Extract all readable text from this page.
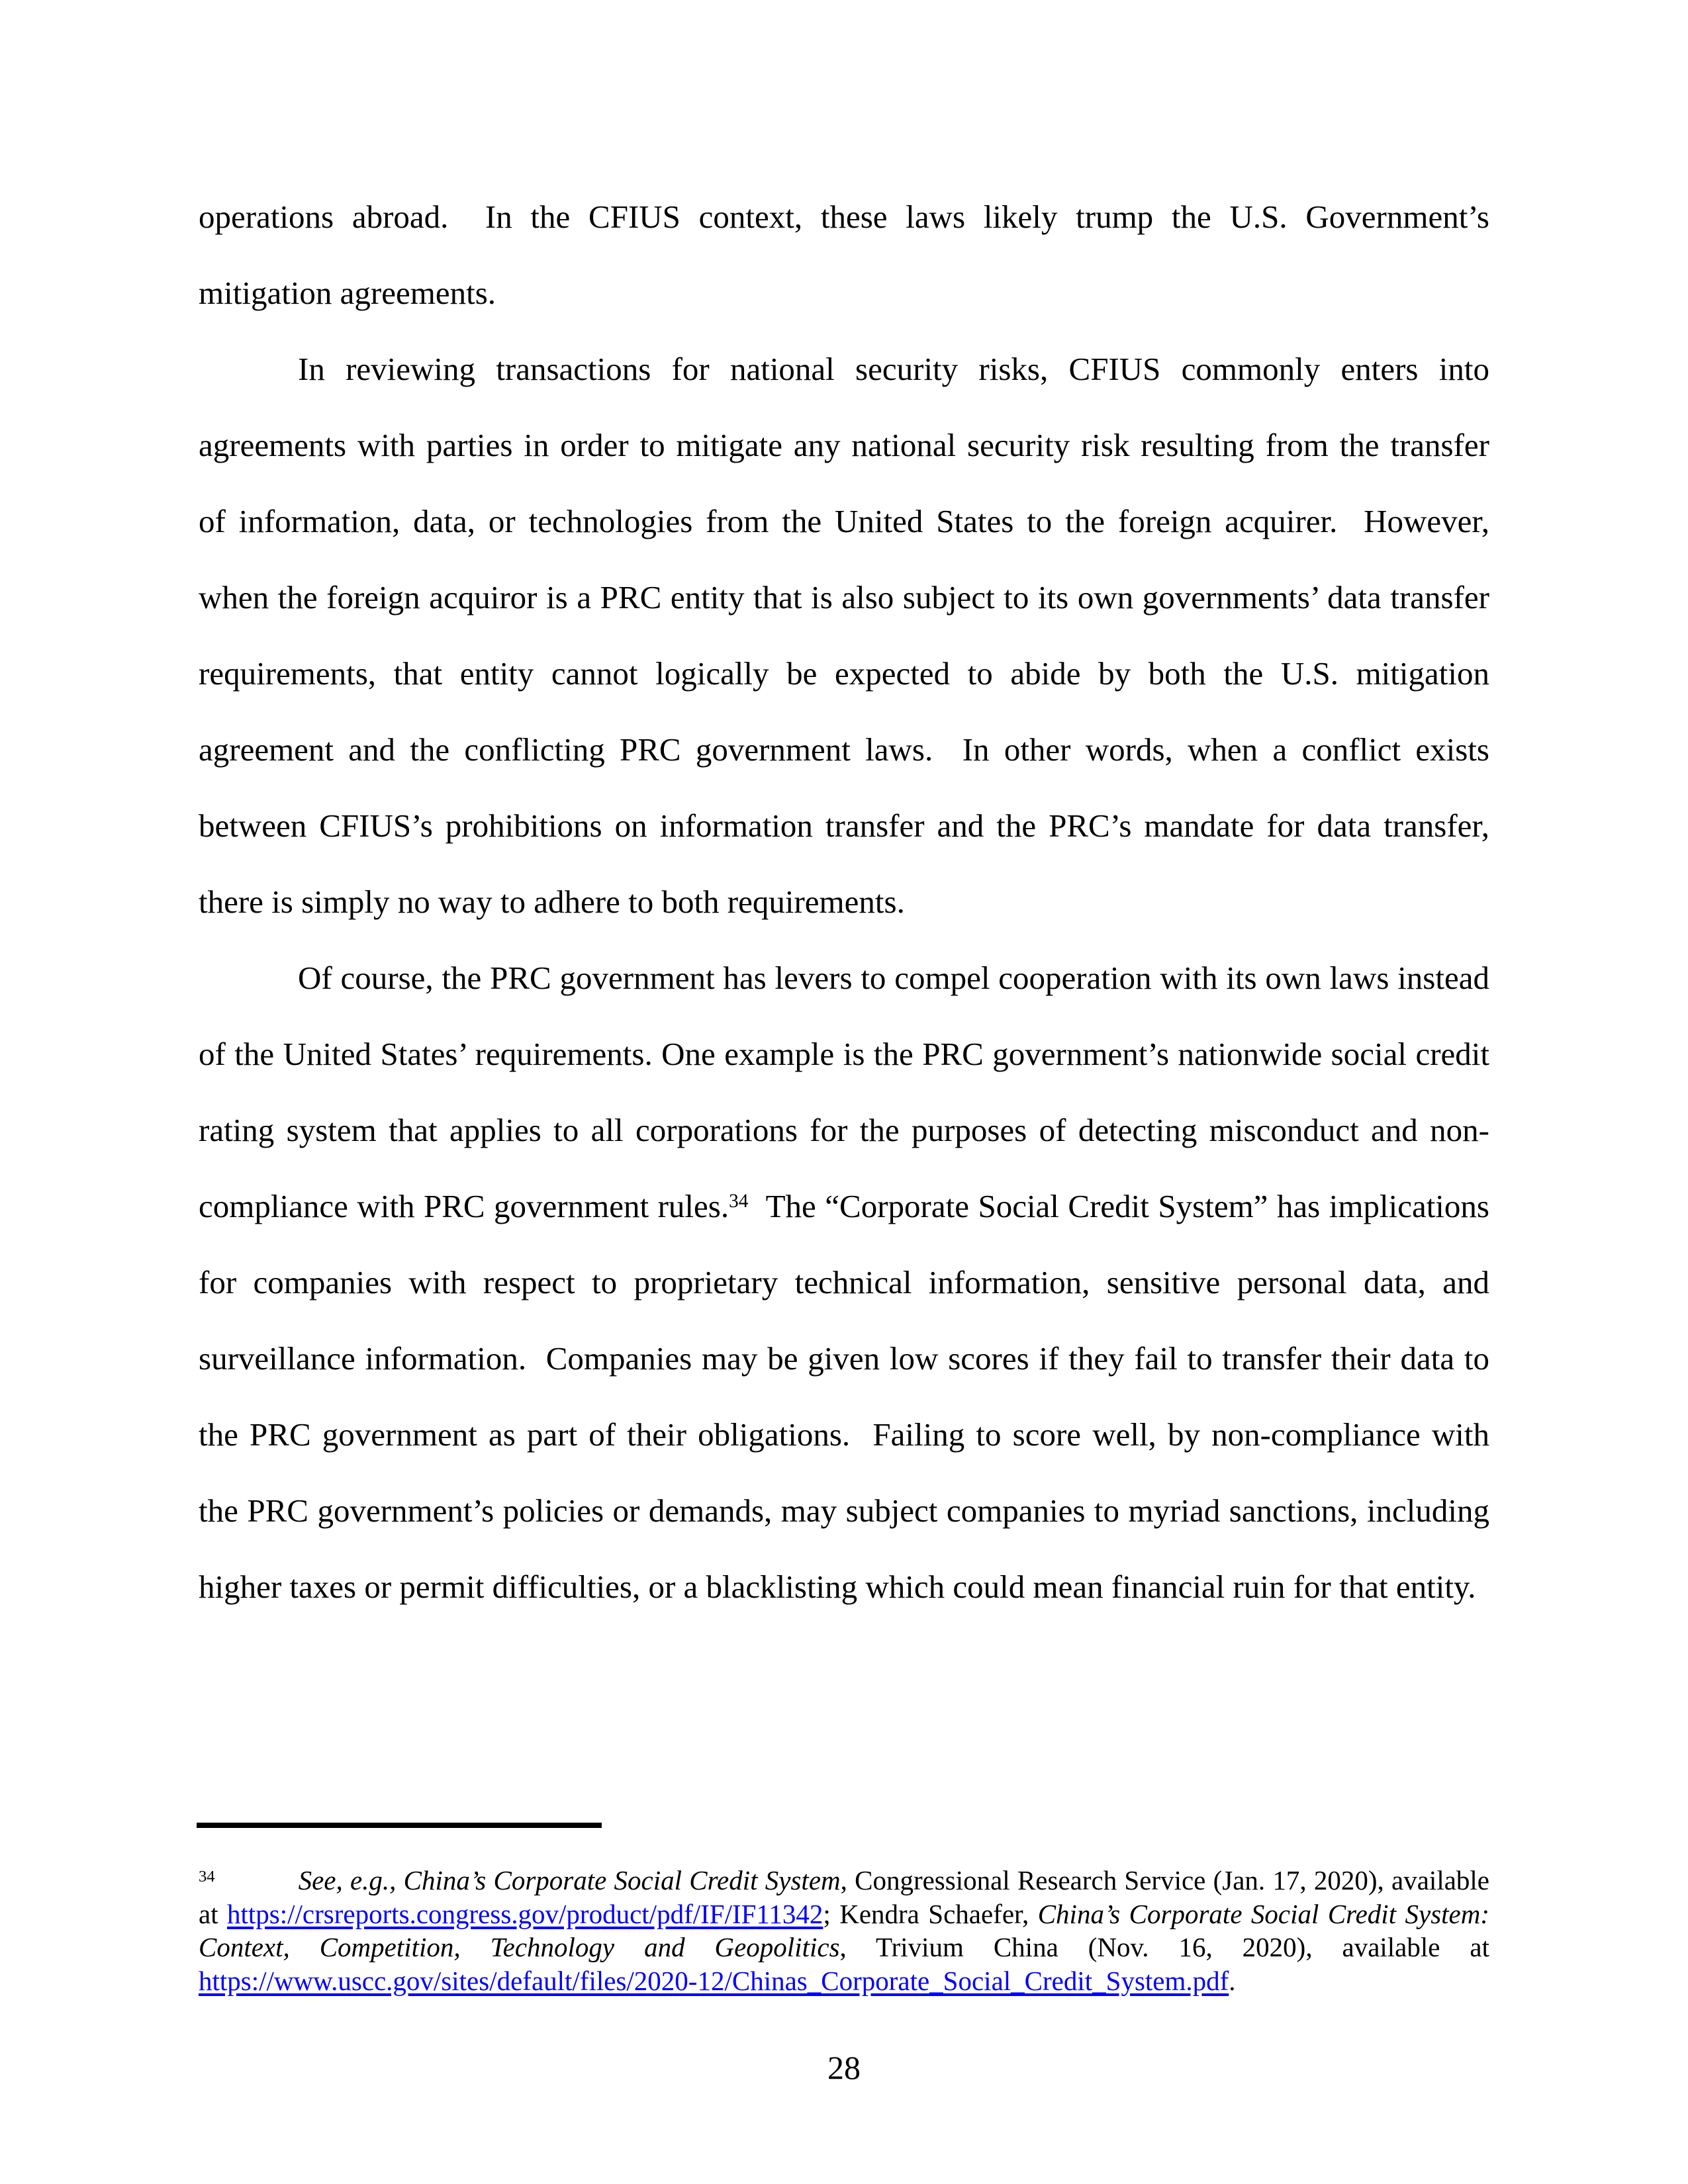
operations abroad.  In the CFIUS context, these laws likely trump the U.S. Government’s
mitigation agreements.
In reviewing transactions for national security risks, CFIUS commonly enters into
agreements with parties in order to mitigate any national security risk resulting from the transfer
of information, data, or technologies from the United States to the foreign acquirer.  However,
when the foreign acquiror is a PRC entity that is also subject to its own governments’ data transfer
requirements, that entity cannot logically be expected to abide by both the U.S. mitigation
agreement and the conflicting PRC government laws.  In other words, when a conflict exists
between CFIUS’s prohibitions on information transfer and the PRC’s mandate for data transfer,
there is simply no way to adhere to both requirements.
Of course, the PRC government has levers to compel cooperation with its own laws instead
of the United States’ requirements. One example is the PRC government’s nationwide social credit
rating system that applies to all corporations for the purposes of detecting misconduct and non-
compliance with PRC government rules.$^{34}$  The “Corporate Social Credit System” has implications
for companies with respect to proprietary technical information, sensitive personal data, and
surveillance information.  Companies may be given low scores if they fail to transfer their data to
the PRC government as part of their obligations.  Failing to score well, by non-compliance with
the PRC government’s policies or demands, may subject companies to myriad sanctions, including
higher taxes or permit difficulties, or a blacklisting which could mean financial ruin for that entity.
$^{34}$	See, e.g., China’s Corporate Social Credit System, Congressional Research Service (Jan. 17, 2020), available
at https://crsreports.congress.gov/product/pdf/IF/IF11342; Kendra Schaefer, China’s Corporate Social Credit System:
Context, Competition, Technology and Geopolitics, Trivium China (Nov. 16, 2020), available at
https://www.uscc.gov/sites/default/files/2020-12/Chinas_Corporate_Social_Credit_System.pdf.
28
